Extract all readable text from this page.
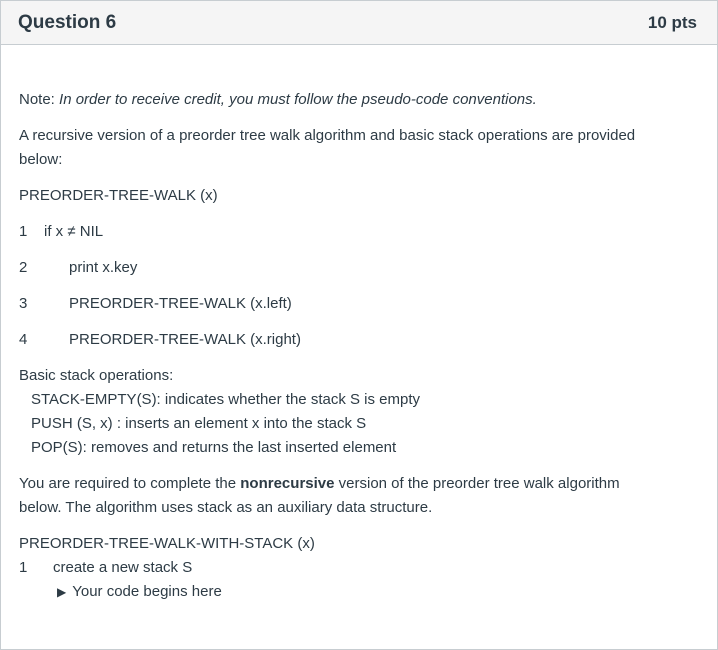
Question 6	10 pts
Note: In order to receive credit, you must follow the pseudo-code conventions.
A recursive version of a preorder tree walk algorithm and basic stack operations are provided
below:
PREORDER-TREE-WALK (x)
1 if x ≠ NIL
2	print x.key
3	PREORDER-TREE-WALK (x.left)
4	PREORDER-TREE-WALK (x.right)
Basic stack operations:
STACK-EMPTY(S): indicates whether the stack S is empty
PUSH (S, x) : inserts an element x into the stack S
POP(S): removes and returns the last inserted element
You are required to complete the nonrecursive version of the preorder tree walk algorithm
below. The algorithm uses stack as an auxiliary data structure.
PREORDER-TREE-WALK-WITH-STACK (x)
1 create a new stack S
▶ Your code begins here
